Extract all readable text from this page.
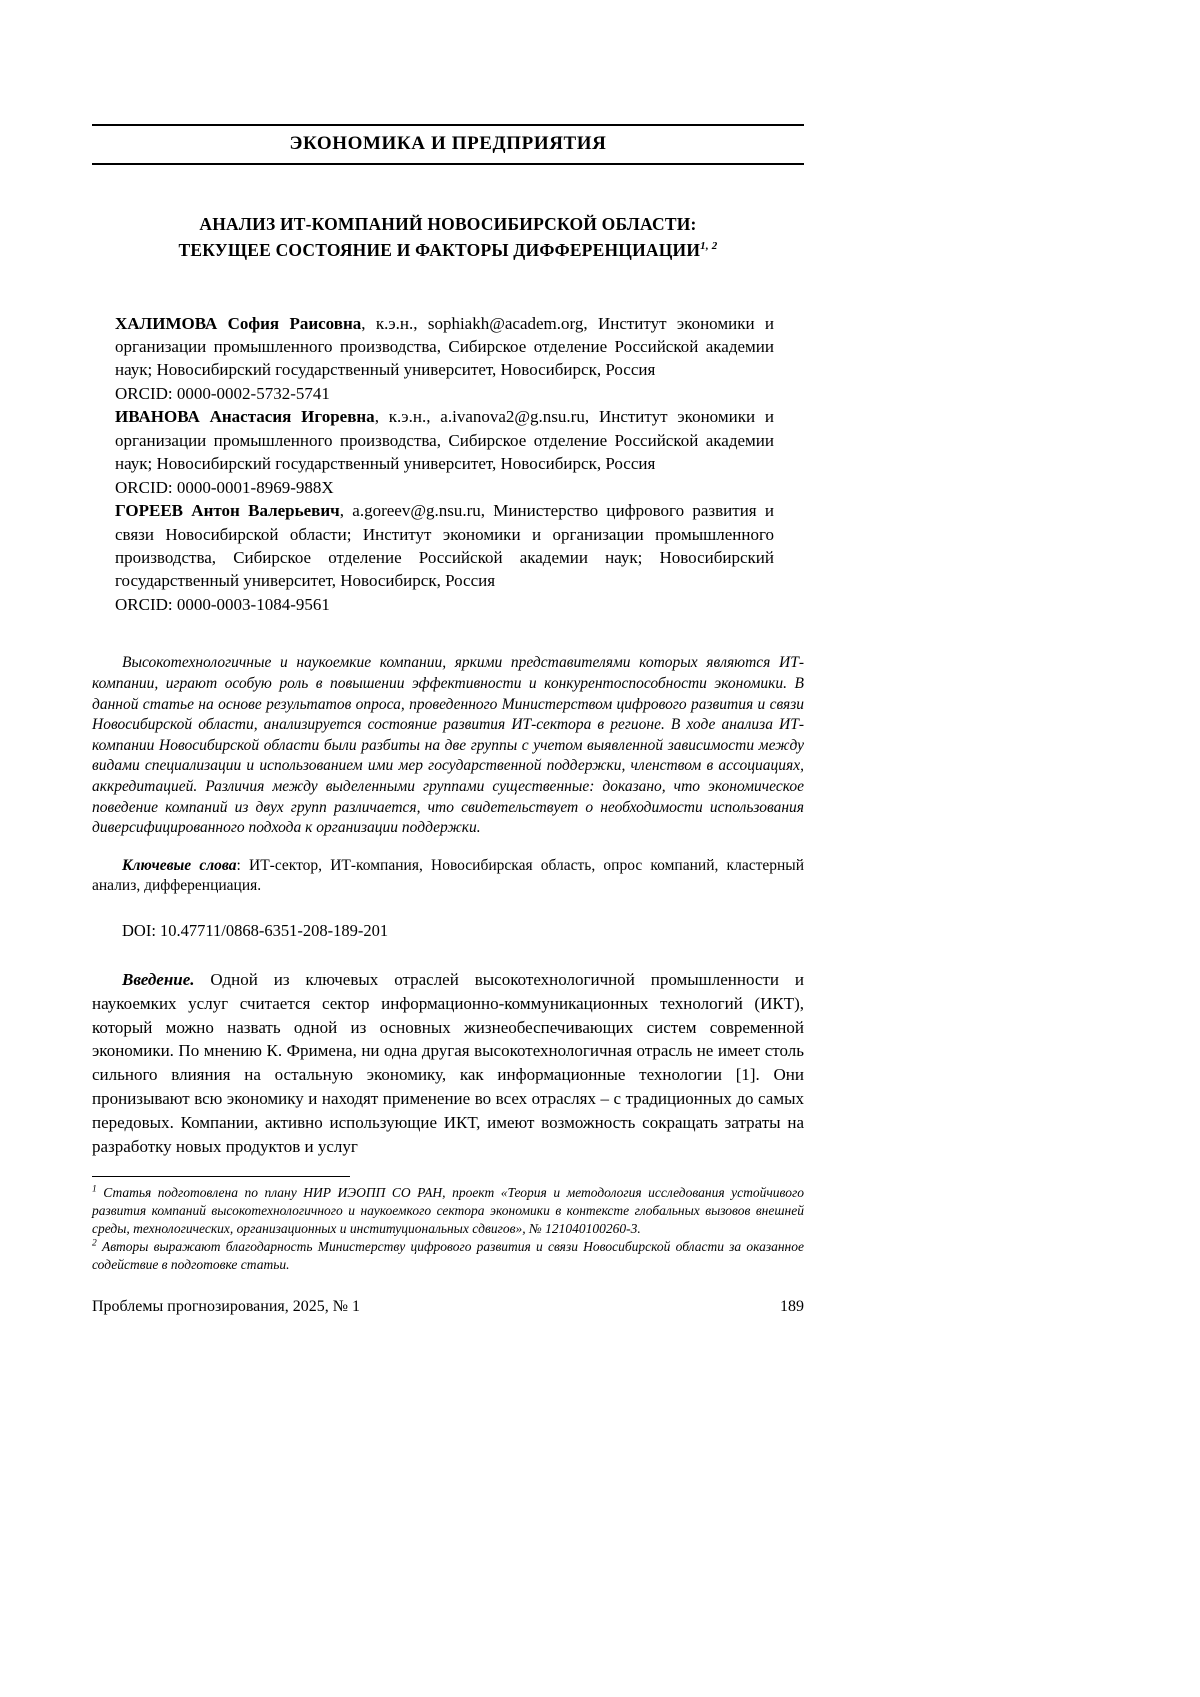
ЭКОНОМИКА И ПРЕДПРИЯТИЯ
АНАЛИЗ ИТ-КОМПАНИЙ НОВОСИБИРСКОЙ ОБЛАСТИ:
ТЕКУЩЕЕ СОСТОЯНИЕ И ФАКТОРЫ ДИФФЕРЕНЦИАЦИИ$^{1, 2}$

ХАЛИМОВА София Раисовна, к.э.н., sophiakh@academ.org, Институт экономики и организации промышленного производства, Сибирское отделение Российской академии наук; Новосибирский государственный университет, Новосибирск, Россия

ORCID: 0000-0002-5732-5741

ИВАНОВА Анастасия Игоревна, к.э.н., a.ivanova2@g.nsu.ru, Институт экономики и организации промышленного производства, Сибирское отделение Российской академии наук; Новосибирский государственный университет, Новосибирск, Россия

ORCID: 0000-0001-8969-988X

ГОРЕЕВ Антон Валерьевич, a.goreev@g.nsu.ru, Министерство цифрового развития и связи Новосибирской области; Институт экономики и организации промышленного производства, Сибирское отделение Российской академии наук; Новосибирский государственный университет, Новосибирск, Россия

ORCID: 0000-0003-1084-9561

Высокотехнологичные и наукоемкие компании, яркими представителями которых являются ИТ-компании, играют особую роль в повышении эффективности и конкурентоспособности экономики. В данной статье на основе результатов опроса, проведенного Министерством цифрового развития и связи Новосибирской области, анализируется состояние развития ИТ-сектора в регионе. В ходе анализа ИТ-компании Новосибирской области были разбиты на две группы с учетом выявленной зависимости между видами специализации и использованием ими мер государственной поддержки, членством в ассоциациях, аккредитацией. Различия между выделенными группами существенные: доказано, что экономическое поведение компаний из двух групп различается, что свидетельствует о необходимости использования диверсифицированного подхода к организации поддержки.

Ключевые слова: ИТ-сектор, ИТ-компания, Новосибирская область, опрос компаний, кластерный анализ, дифференциация.

DOI: 10.47711/0868-6351-208-189-201

Введение. Одной из ключевых отраслей высокотехнологичной промышленности и наукоемких услуг считается сектор информационно-коммуникационных технологий (ИКТ), который можно назвать одной из основных жизнеобеспечивающих систем современной экономики. По мнению К. Фримена, ни одна другая высокотехнологичная отрасль не имеет столь сильного влияния на остальную экономику, как информационные технологии [1]. Они пронизывают всю экономику и находят применение во всех отраслях – с традиционных до самых передовых. Компании, активно использующие ИКТ, имеют возможность сокращать затраты на разработку новых продуктов и услуг

$^1$ Статья подготовлена по плану НИР ИЭОПП СО РАН, проект «Теория и методология исследования устойчивого развития компаний высокотехнологичного и наукоемкого сектора экономики в контексте глобальных вызовов внешней среды, технологических, организационных и институциональных сдвигов», № 121040100260-3.

$^2$ Авторы выражают благодарность Министерству цифрового развития и связи Новосибирской области за оказанное содействие в подготовке статьи.

Проблемы прогнозирования, 2025, № 1	189
